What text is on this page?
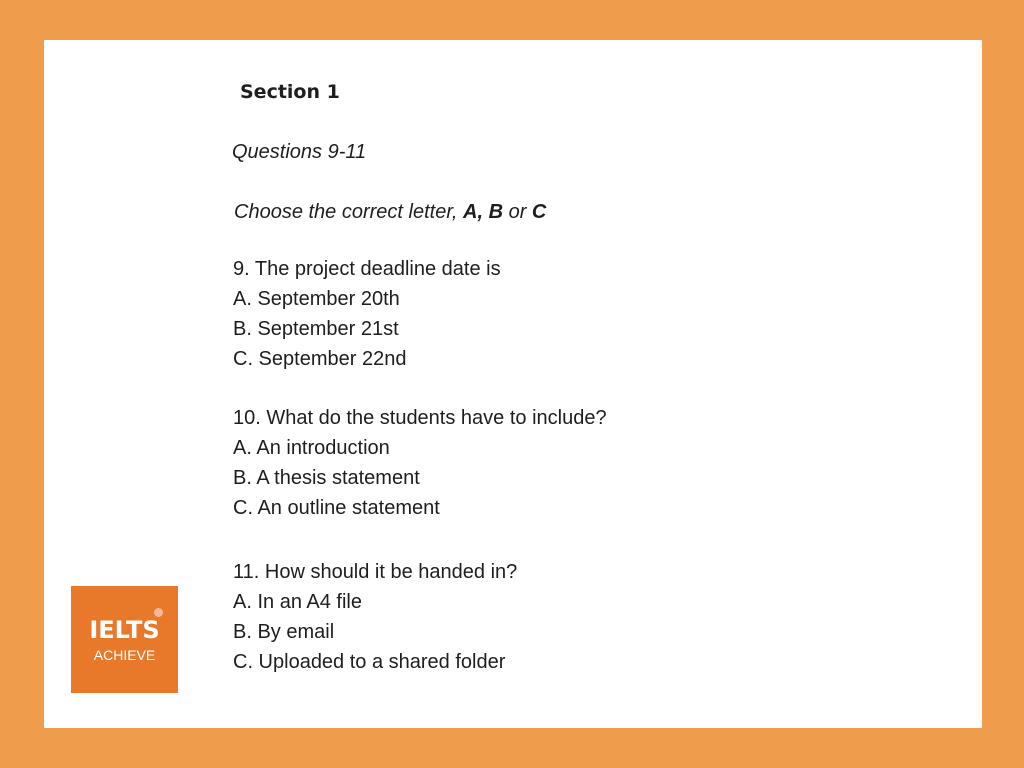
Section 1

Questions 9-11

Choose the correct letter, A, B or C

9. The project deadline date is
A. September 20th
B. September 21st
C. September 22nd
10. What do the students have to include?
A. An introduction
B. A thesis statement
C. An outline statement
11. How should it be handed in?
A. In an A4 file
B. By email
C. Uploaded to a shared folder
IELTS
ACHIEVE
